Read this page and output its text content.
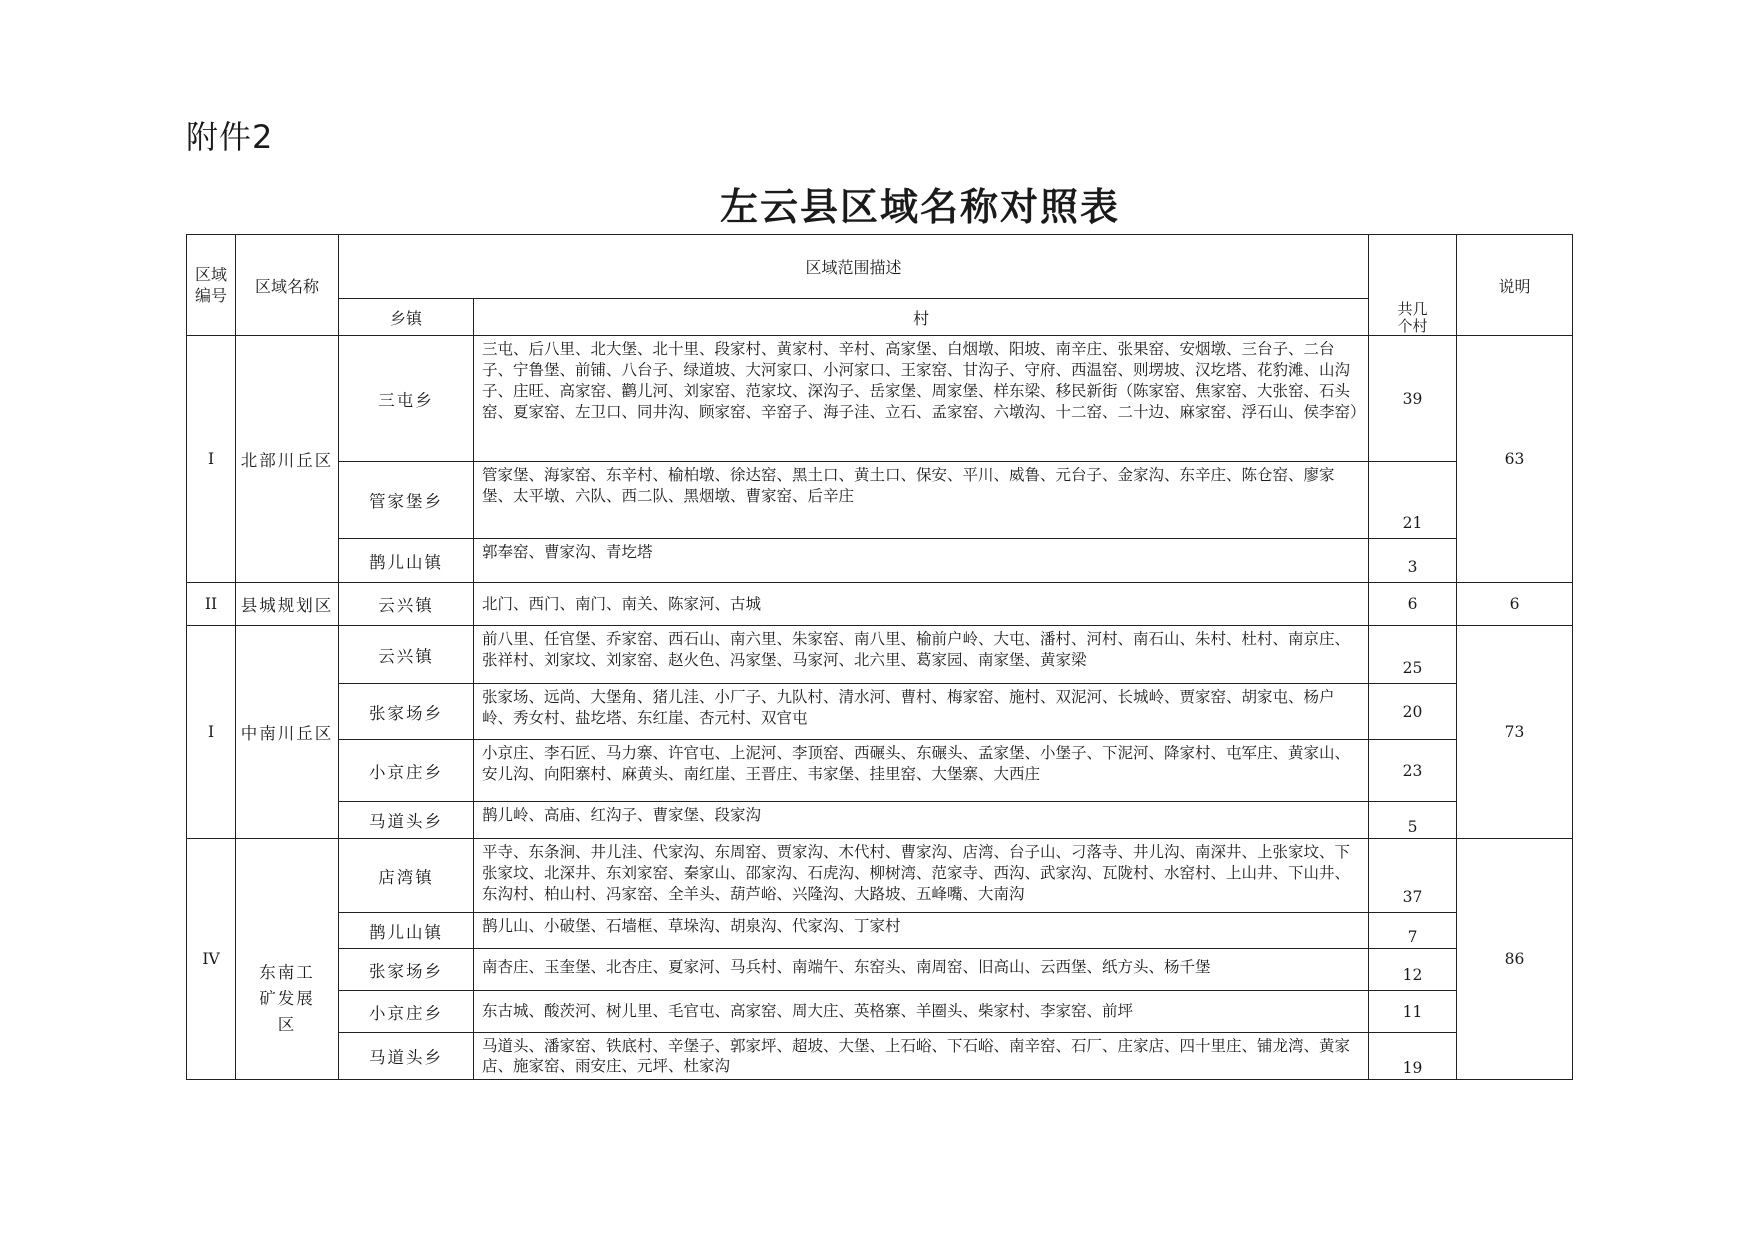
附件2
左云县区域名称对照表
区域编号	区域名称	区域范围描述			说明
		乡镇	村	共几个村	
I	北部川丘区	三屯乡	三屯、后八里、北大堡、北十里、段家村、黄家村、辛村、高家堡、白烟墩、阳坡、南辛庄、张果窑、安烟墩、三台子、二台子、宁鲁堡、前铺、八台子、绿道坡、大河家口、小河家口、王家窑、甘沟子、守府、西温窑、则塄坡、汉圪塔、花豹滩、山沟子、庄旺、高家窑、鹳儿河、刘家窑、范家坟、深沟子、岳家堡、周家堡、样东梁、移民新街（陈家窑、焦家窑、大张窑、石头窑、夏家窑、左卫口、同井沟、顾家窑、辛窑子、海子洼、立石、孟家窑、六墩沟、十二窑、二十边、麻家窑、浮石山、侯李窑）	39	63
		管家堡乡	管家堡、海家窑、东辛村、榆柏墩、徐达窑、黑土口、黄土口、保安、平川、威鲁、元台子、金家沟、东辛庄、陈仓窑、廖家堡、太平墩、六队、西二队、黑烟墩、曹家窑、后辛庄	21	
		鹊儿山镇	郭奉窑、曹家沟、青圪塔	3	
II	县城规划区	云兴镇	北门、西门、南门、南关、陈家河、古城	6	6
I	中南川丘区	云兴镇	前八里、任官堡、乔家窑、西石山、南六里、朱家窑、南八里、榆前户岭、大屯、潘村、河村、南石山、朱村、杜村、南京庄、张祥村、刘家坟、刘家窑、赵火色、冯家堡、马家河、北六里、葛家园、南家堡、黄家梁	25	73
		张家场乡	张家场、远尚、大堡角、猪儿洼、小厂子、九队村、清水河、曹村、梅家窑、施村、双泥河、长城岭、贾家窑、胡家屯、杨户岭、秀女村、盐圪塔、东红崖、杏元村、双官屯	20	
		小京庄乡	小京庄、李石匠、马力寨、许官屯、上泥河、李顶窑、西碾头、东碾头、孟家堡、小堡子、下泥河、降家村、屯军庄、黄家山、安儿沟、向阳寨村、麻黄头、南红崖、王晋庄、韦家堡、挂里窑、大堡寨、大西庄	23	
		马道头乡	鹊儿岭、高庙、红沟子、曹家堡、段家沟	5	
IV	东南工矿发展区	店湾镇	平寺、东条涧、井儿洼、代家沟、东周窑、贾家沟、木代村、曹家沟、店湾、台子山、刁落寺、井儿沟、南深井、上张家坟、下张家坟、北深井、东刘家窑、秦家山、邵家沟、石虎沟、柳树湾、范家寺、西沟、武家沟、瓦陇村、水窑村、上山井、下山井、东沟村、柏山村、冯家窑、全羊头、葫芦峪、兴隆沟、大路坡、五峰嘴、大南沟	37	86
		鹊儿山镇	鹊儿山、小破堡、石墙框、草垛沟、胡泉沟、代家沟、丁家村	7	
		张家场乡	南杏庄、玉奎堡、北杏庄、夏家河、马兵村、南端午、东窑头、南周窑、旧高山、云西堡、纸方头、杨千堡	12	
		小京庄乡	东古城、酸茨河、树儿里、毛官屯、高家窑、周大庄、英格寨、羊圈头、柴家村、李家窑、前坪	11	
		马道头乡	马道头、潘家窑、铁底村、辛堡子、郭家坪、超坡、大堡、上石峪、下石峪、南辛窑、石厂、庄家店、四十里庄、铺龙湾、黄家店、施家窑、雨安庄、元坪、杜家沟	19	
